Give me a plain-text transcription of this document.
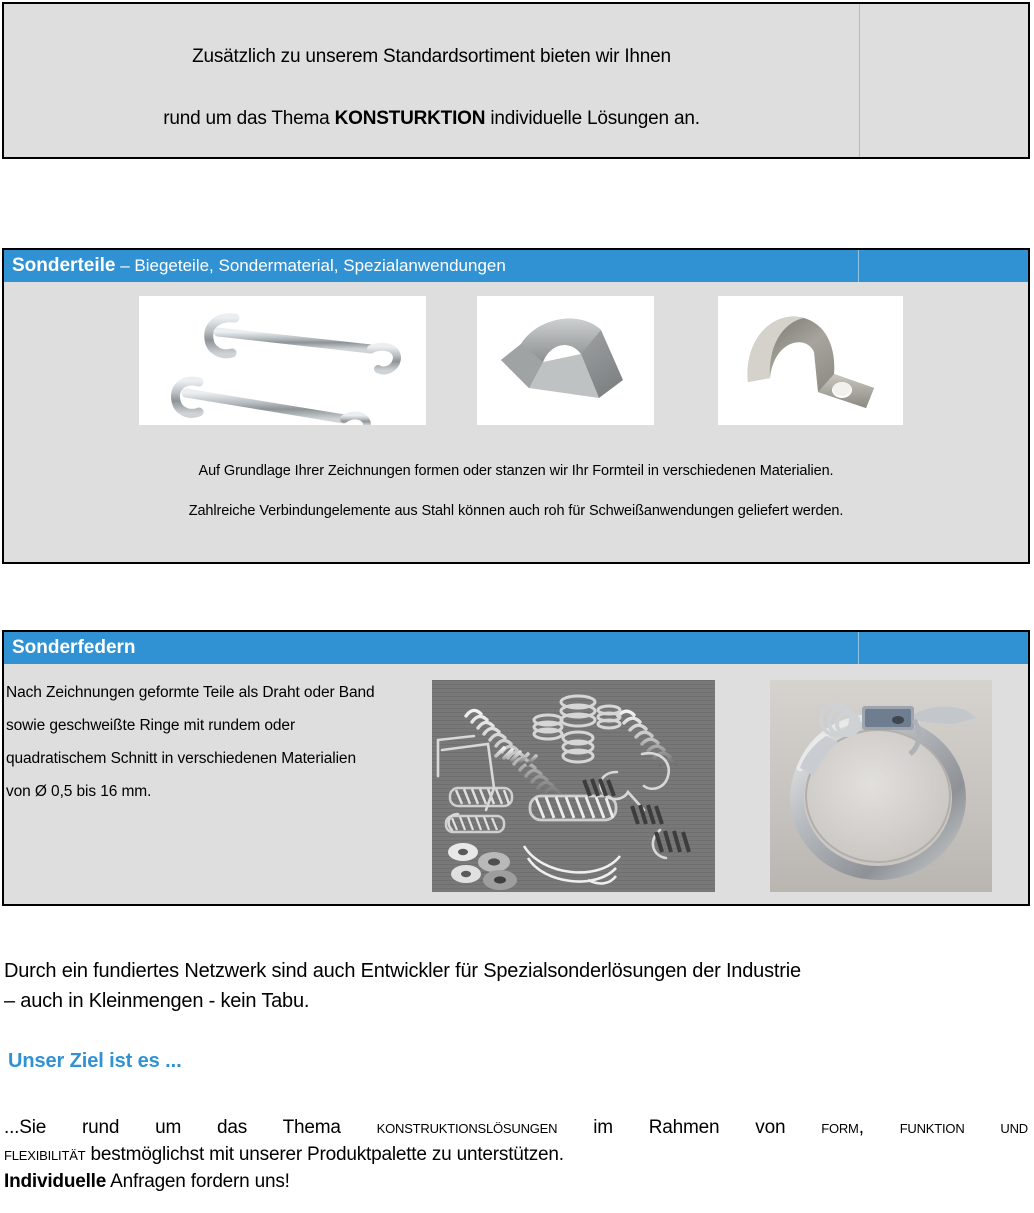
Zusätzlich zu unserem Standardsortiment bieten wir Ihnen
rund um das Thema KONSTURKTION individuelle Lösungen an.
Sonderteile – Biegeteile, Sondermaterial, Spezialanwendungen
Auf Grundlage Ihrer Zeichnungen formen oder stanzen wir Ihr Formteil in verschiedenen Materialien.
Zahlreiche Verbindungelemente aus Stahl können auch roh für Schweißanwendungen geliefert werden.
Sonderfedern
Nach Zeichnungen geformte Teile als Draht oder Band
sowie geschweißte Ringe mit rundem oder
quadratischem Schnitt in verschiedenen Materialien
von Ø 0,5 bis 16 mm.
Durch ein fundiertes Netzwerk sind auch Entwickler für Spezialsonderlösungen der Industrie
– auch in Kleinmengen - kein Tabu.
Unser Ziel ist es ...
...Sie rund um das Thema konstruktionslösungen im Rahmen von form, funktion und
flexibilität bestmöglichst mit unserer Produktpalette zu unterstützen.
Individuelle Anfragen fordern uns!
